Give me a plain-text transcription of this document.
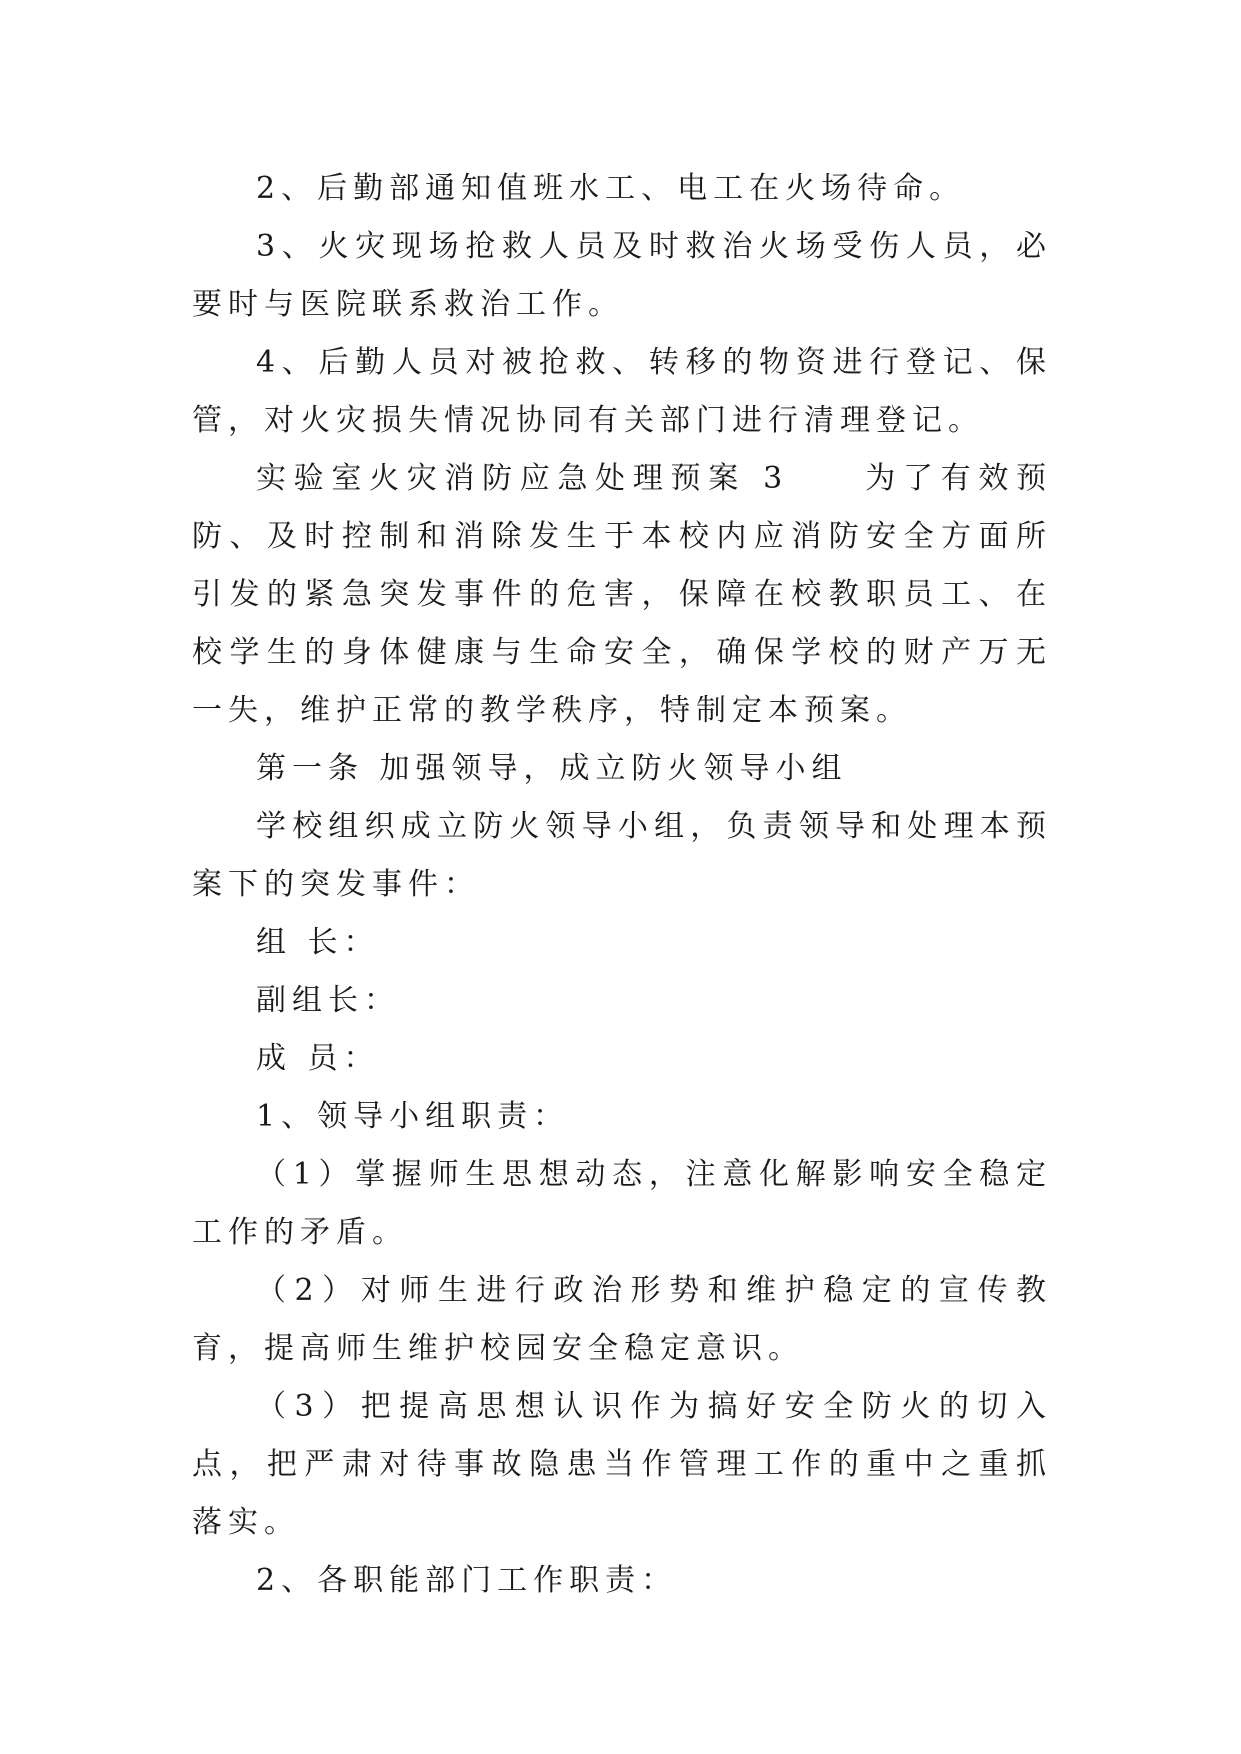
2、后勤部通知值班水工、电工在火场待命。

3、火灾现场抢救人员及时救治火场受伤人员，必要时与医院联系救治工作。

4、后勤人员对被抢救、转移的物资进行登记、保管，对火灾损失情况协同有关部门进行清理登记。

实验室火灾消防应急处理预案 3　　为了有效预防、及时控制和消除发生于本校内应消防安全方面所引发的紧急突发事件的危害，保障在校教职员工、在校学生的身体健康与生命安全，确保学校的财产万无一失，维护正常的教学秩序，特制定本预案。

第一条 加强领导，成立防火领导小组

学校组织成立防火领导小组，负责领导和处理本预案下的突发事件：

组 长：

副组长：

成 员：

1、领导小组职责：

（1）掌握师生思想动态，注意化解影响安全稳定工作的矛盾。

（2）对师生进行政治形势和维护稳定的宣传教育，提高师生维护校园安全稳定意识。

（3）把提高思想认识作为搞好安全防火的切入点，把严肃对待事故隐患当作管理工作的重中之重抓落实。

2、各职能部门工作职责：
